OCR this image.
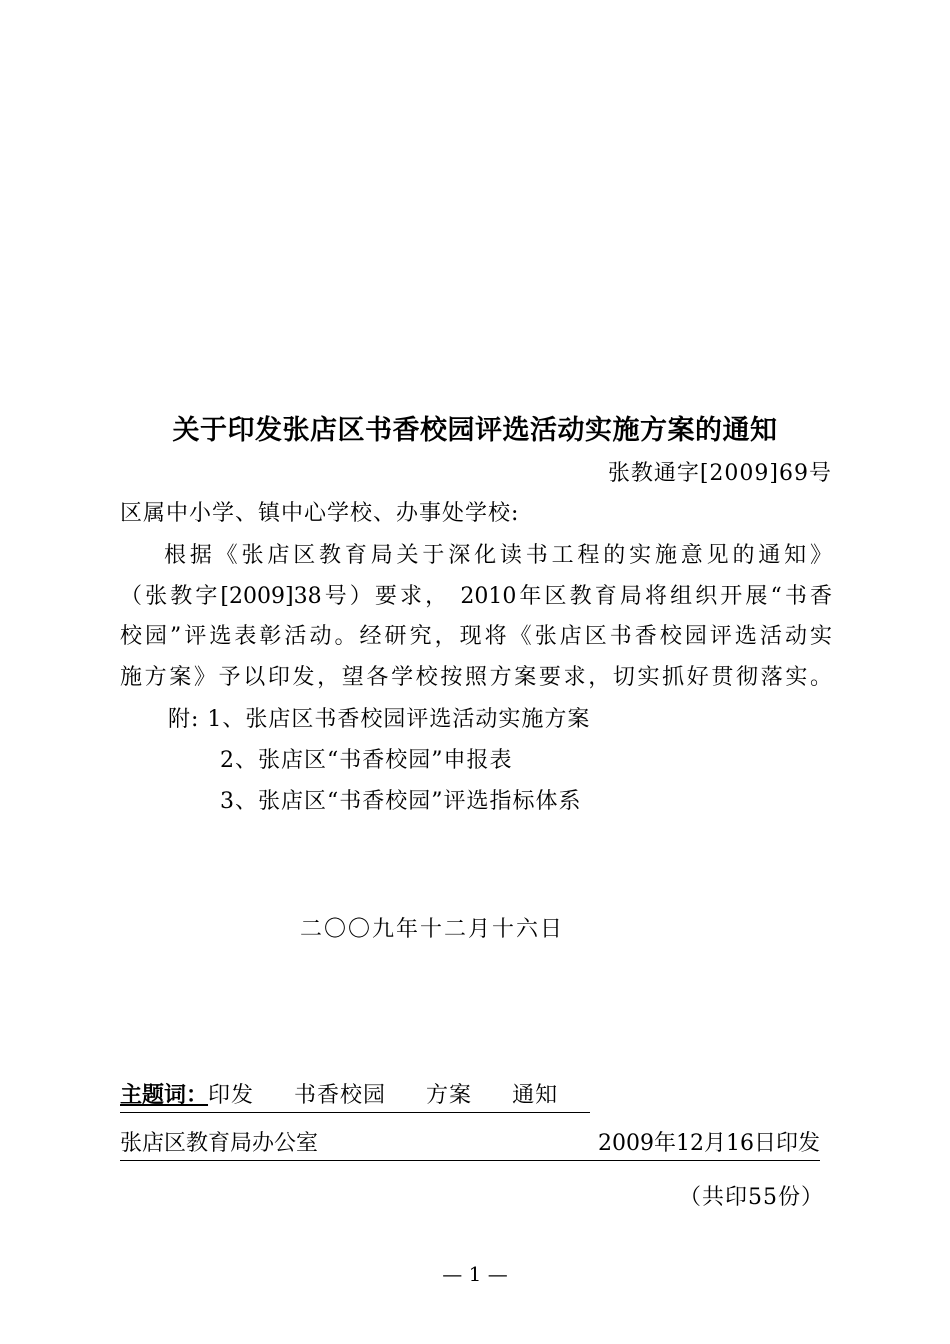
关于印发张店区书香校园评选活动实施方案的通知
张教通字[2009]69号
区属中小学、镇中心学校、办事处学校:
根据《张店区教育局关于深化读书工程的实施意见的通知》
（张教字[2009]38号）要求， 2010年区教育局将组织开展“书香
校园”评选表彰活动。经研究，现将《张店区书香校园评选活动实
施方案》予以印发，望各学校按照方案要求，切实抓好贯彻落实。
附: 1、张店区书香校园评选活动实施方案
2、张店区“书香校园”申报表
3、张店区“书香校园”评选指标体系
二〇〇九年十二月十六日
主题词：印发 书香校园 方案 通知
张店区教育局办公室	2009年12月16日印发
（共印55份）
— 1 —
